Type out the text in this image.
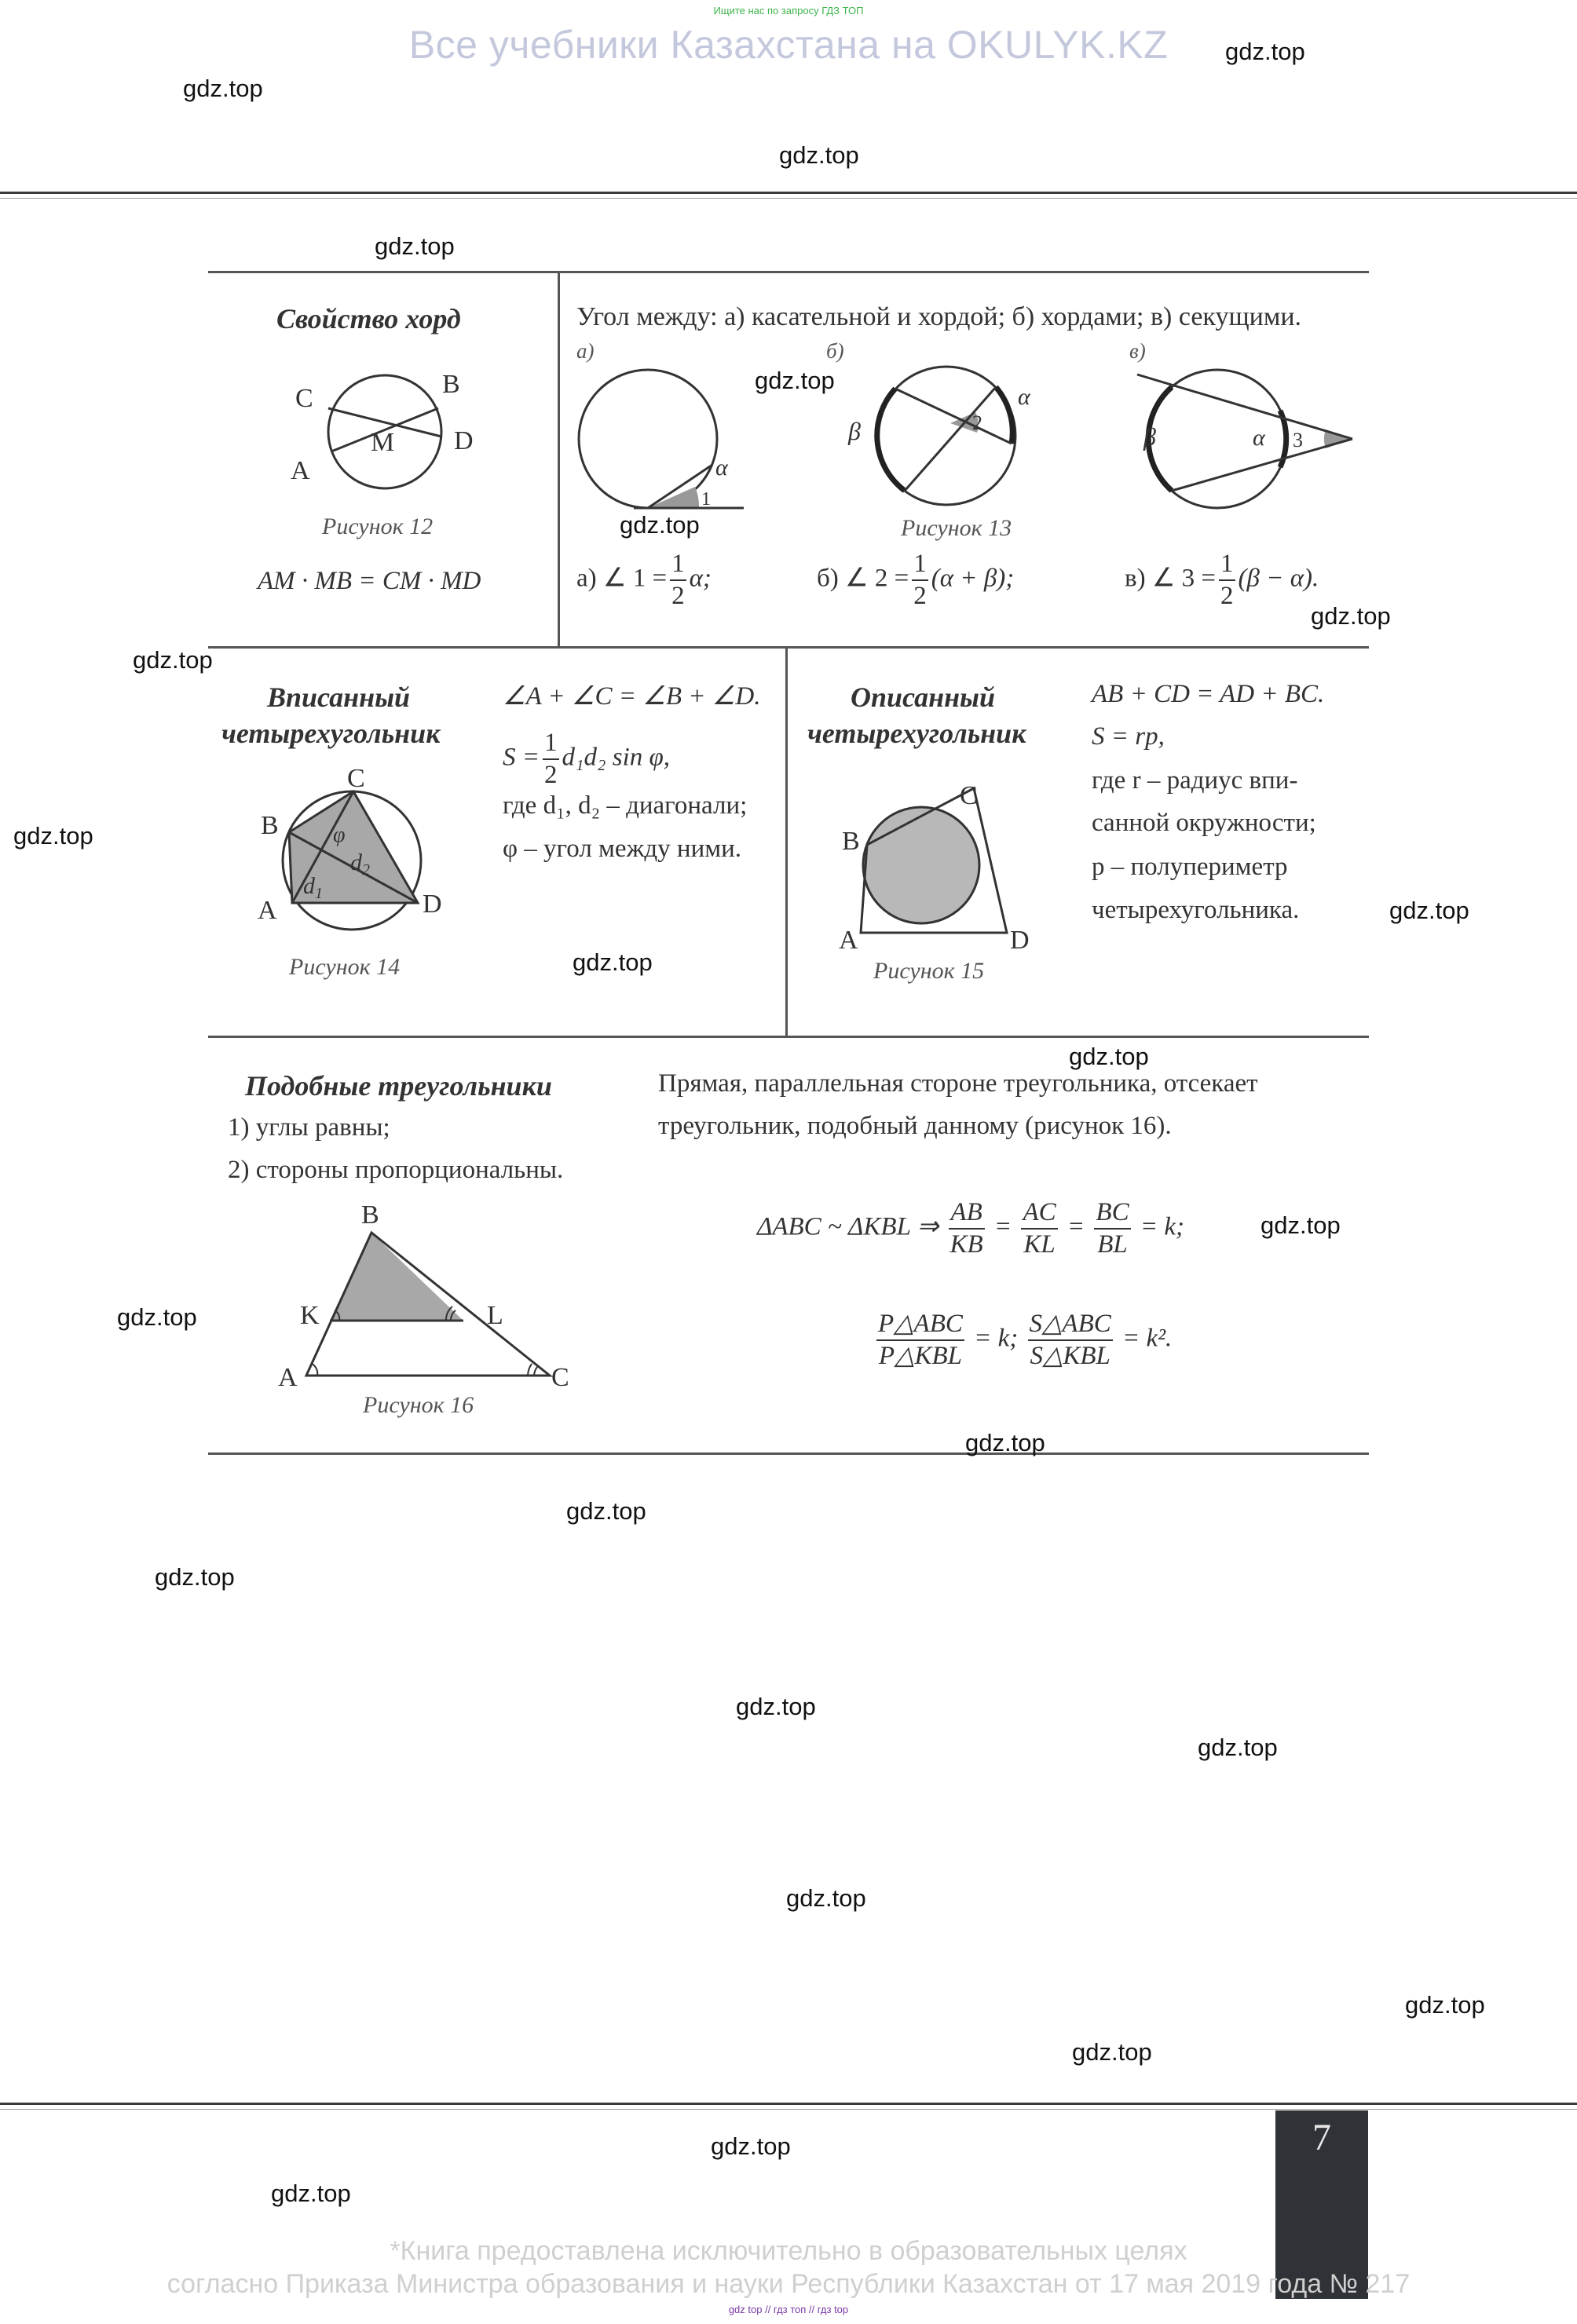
Ищите нас по запросу ГДЗ ТОП
Все учебники Казахстана на OKULYK.KZ
Свойство хорд
C	B
M D
A
Рисунок 12
AM · MB = CM · MD
Угол между: а) касательной и хордой; б) хордами; в) секущими.
а)	б)	в)
α
1
2
α
β
Рисунок 13
β	α 3
а) ∠ $1 = \frac{1}{2} \alpha$;	б) ∠ $2 = \frac{1}{2} (\alpha + \beta)$;	в) ∠ $3 = \frac{1}{2} (\beta - \alpha)$.
Вписанный
четырехугольник
C
B
A	D
φ
$d_2$
$d_1$
Рисунок 14
∠A + ∠C = ∠B + ∠D.
$S = \frac{1}{2} d_1d_2$ sin φ,
где d₁, d₂ – диагонали;
φ – угол между ними.
Описанный
четырехугольник
C
B
A	D
Рисунок 15
AB + CD = AD + BC.
S = rp,
где r – радиус впи-
санной окружности;
p – полупериметр
четырехугольника.
Подобные треугольники
1) углы равны;
2) стороны пропорциональны.
B
K	L
A	C
Рисунок 16
Прямая, параллельная стороне треугольника, отсекает
треугольник, подобный данному (рисунок 16).
ΔABC ~ ΔKBL ⇒ $\frac{AB}{KB} = \frac{AC}{KL} = \frac{BC}{BL} = k$;
$\frac{\text{P△ABC}}{\text{P△KBL}} = k$; $\frac{\text{S△ABC}}{\text{S△KBL}} = k^2$.
7
*Книга предоставлена исключительно в образовательных целях
согласно Приказа Министра образования и науки Республики Казахстан от 17 мая 2019 года № 217
gdz top // гдз топ // гдз top
gdz.top
gdz.top
gdz.top
gdz.top
gdz.top
gdz.top
gdz.top
gdz.top
gdz.top
gdz.top
gdz.top
gdz.top
gdz.top
gdz.top
gdz.top
gdz.top
gdz.top
gdz.top
gdz.top
gdz.top
gdz.top
gdz.top
gdz.top
gdz.top
